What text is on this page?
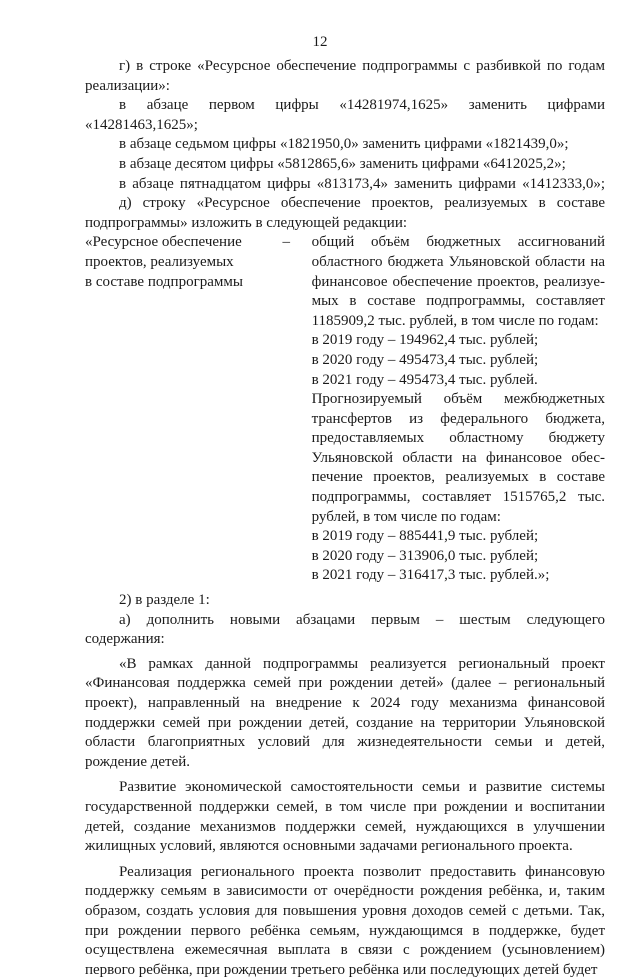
12

г) в строке «Ресурсное обеспечение подпрограммы с разбивкой по годам

реализации»:

в абзаце первом цифры «14281974,1625» заменить цифрами

«14281463,1625»;

в абзаце седьмом цифры «1821950,0» заменить цифрами «1821439,0»;

в абзаце десятом цифры «5812865,6» заменить цифрами «6412025,2»;

в абзаце пятнадцатом цифры «813173,4» заменить цифрами «1412333,0»;

д) строку «Ресурсное обеспечение проектов, реализуемых в составе

подпрограммы» изложить в следующей редакции:

«Ресурсное обеспечение

проектов, реализуемых

в составе подпрограммы

–	общий объём бюджетных ассигнований

областного бюджета Ульяновской области на

финансовое обеспечение проектов, реализуе-

мых в составе подпрограммы, составляет

1185909,2 тыс. рублей, в том числе по годам:

в 2019 году – 194962,4 тыс. рублей;

в 2020 году – 495473,4 тыс. рублей;

в 2021 году – 495473,4 тыс. рублей.

Прогнозируемый объём межбюджетных

трансфертов из федерального бюджета,

предоставляемых областному бюджету

Ульяновской области на финансовое обес-

печение проектов, реализуемых в составе

подпрограммы, составляет 1515765,2 тыс.

рублей, в том числе по годам:

в 2019 году – 885441,9 тыс. рублей;

в 2020 году – 313906,0 тыс. рублей;

в 2021 году – 316417,3 тыс. рублей.»;

2) в разделе 1:

а) дополнить новыми абзацами первым – шестым следующего

содержания:

«В рамках данной подпрограммы реализуется региональный проект «Финансовая поддержка семей при рождении детей» (далее – региональный проект), направленный на внедрение к 2024 году механизма финансовой поддержки семей при рождении детей, создание на территории Ульяновской области благоприятных условий для жизнедеятельности семьи и детей, рождение детей.

Развитие экономической самостоятельности семьи и развитие системы государственной поддержки семей, в том числе при рождении и воспитании детей, создание механизмов поддержки семей, нуждающихся в улучшении жилищных условий, являются основными задачами регионального проекта.

Реализация регионального проекта позволит предоставить финансовую поддержку семьям в зависимости от очерёдности рождения ребёнка, и, таким образом, создать условия для повышения уровня доходов семей с детьми. Так, при рождении первого ребёнка семьям, нуждающимся в поддержке, будет осуществлена ежемесячная выплата в связи с рождением (усыновлением) первого ребёнка, при рождении третьего ребёнка или последующих детей будет
